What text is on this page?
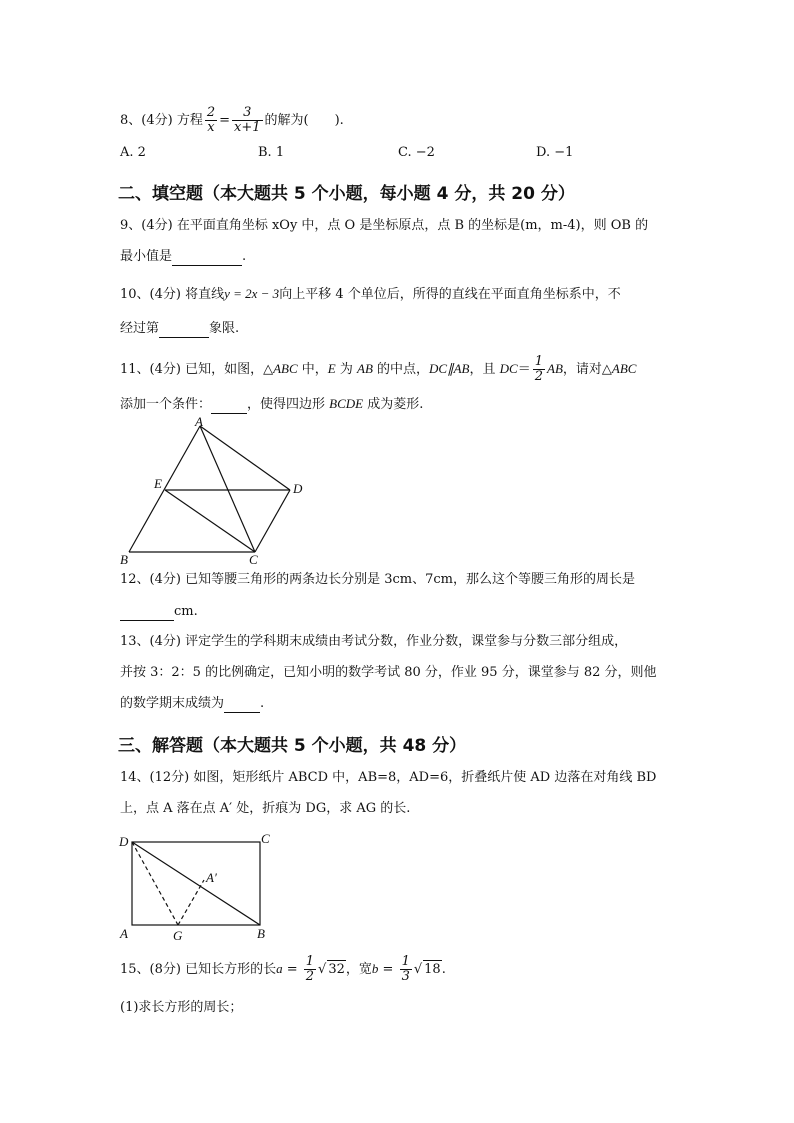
8、(4分) 方程 $\frac{2}{x} = \frac{3}{x+1}$ 的解为(　　).
A. 2	B. 1	C. −2	D. −1
二、填空题（本大题共 5 个小题，每小题 4 分，共 20 分）
9、(4分) 在平面直角坐标 xOy 中，点 O 是坐标原点，点 B 的坐标是(m，m-4)，则 OB 的
最小值是	.
10、(4分) 将直线y = 2x − 3向上平移 4 个单位后，所得的直线在平面直角坐标系中，不
经过第	象限.
11、(4分) 已知，如图，△ABC 中，E 为 AB 的中点，DC∥AB，且 $DC= \frac{1}{2}$ AB，请对△ABC
添加一个条件：	，使得四边形 BCDE 成为菱形.
A
B	C
D
E
12、(4分) 已知等腰三角形的两条边长分别是 3cm、7cm，那么这个等腰三角形的周长是
cm.
13、(4分) 评定学生的学科期末成绩由考试分数，作业分数，课堂参与分数三部分组成，
并按 3：2：5 的比例确定，已知小明的数学考试 80 分，作业 95 分，课堂参与 82 分，则他
的数学期末成绩为	.
三、解答题（本大题共 5 个小题，共 48 分）
14、(12分) 如图，矩形纸片 ABCD 中，AB=8，AD=6，折叠纸片使 AD 边落在对角线 BD
上，点 A 落在点 A′ 处，折痕为 DG，求 AG 的长.
D	C
A	G	B
A′
15、(8分) 已知长方形的长$a = \frac{1}{2}$ √ 32，宽$b = \frac{1}{3}$ √ 18.
(1)求长方形的周长；
